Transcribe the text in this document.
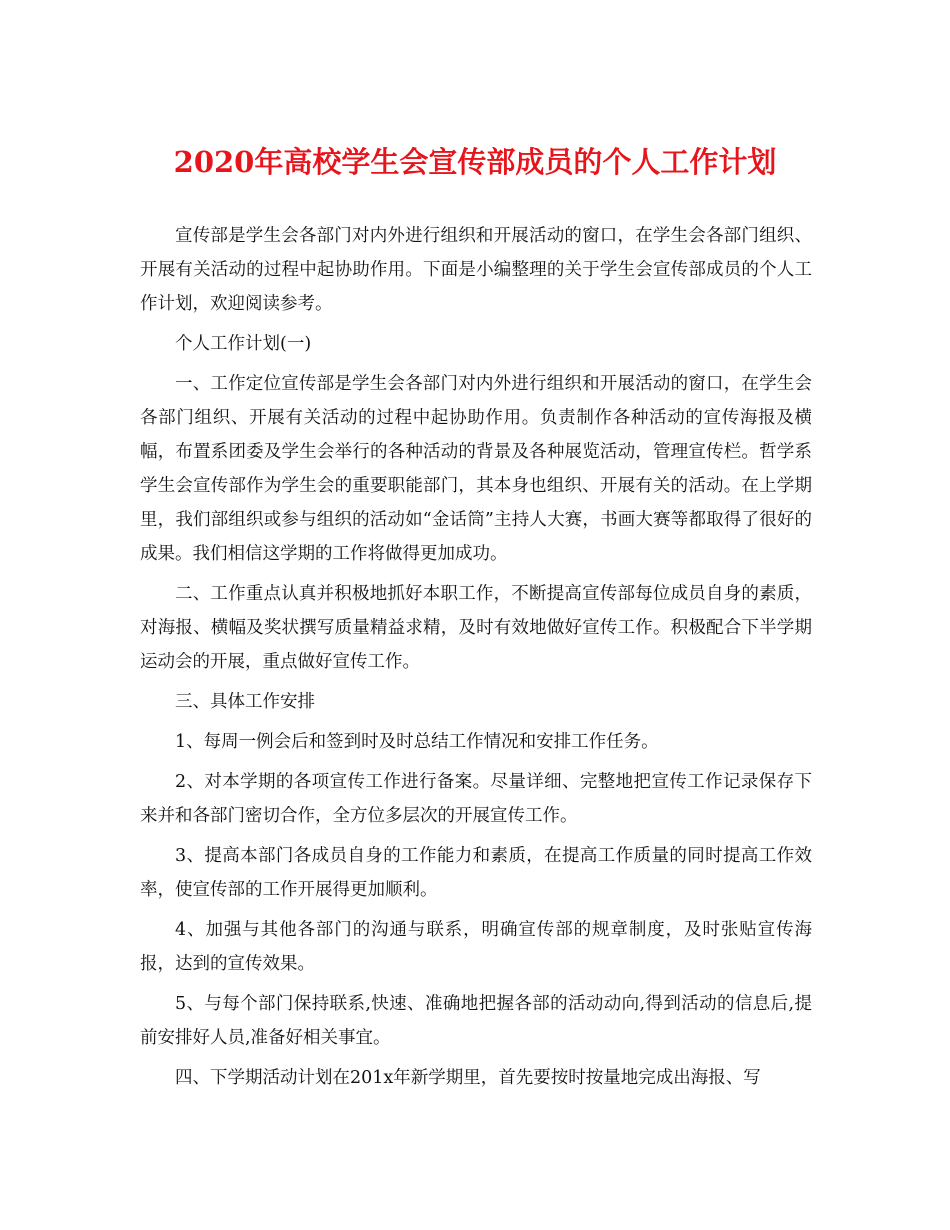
2020年高校学生会宣传部成员的个人工作计划

宣传部是学生会各部门对内外进行组织和开展活动的窗口，在学生会各部门组织、开展有关活动的过程中起协助作用。下面是小编整理的关于学生会宣传部成员的个人工作计划，欢迎阅读参考。

个人工作计划(一)

一、工作定位宣传部是学生会各部门对内外进行组织和开展活动的窗口，在学生会各部门组织、开展有关活动的过程中起协助作用。负责制作各种活动的宣传海报及横幅，布置系团委及学生会举行的各种活动的背景及各种展览活动，管理宣传栏。哲学系学生会宣传部作为学生会的重要职能部门，其本身也组织、开展有关的活动。在上学期里，我们部组织或参与组织的活动如“金话筒”主持人大赛，书画大赛等都取得了很好的成果。我们相信这学期的工作将做得更加成功。

二、工作重点认真并积极地抓好本职工作，不断提高宣传部每位成员自身的素质，对海报、横幅及奖状撰写质量精益求精，及时有效地做好宣传工作。积极配合下半学期运动会的开展，重点做好宣传工作。

三、具体工作安排

1、每周一例会后和签到时及时总结工作情况和安排工作任务。

2、对本学期的各项宣传工作进行备案。尽量详细、完整地把宣传工作记录保存下来并和各部门密切合作，全方位多层次的开展宣传工作。

3、提高本部门各成员自身的工作能力和素质，在提高工作质量的同时提高工作效率，使宣传部的工作开展得更加顺利。

4、加强与其他各部门的沟通与联系，明确宣传部的规章制度，及时张贴宣传海报，达到的宣传效果。

5、与每个部门保持联系,快速、准确地把握各部的活动动向,得到活动的信息后,提前安排好人员,准备好相关事宜。

四、下学期活动计划在201x年新学期里，首先要按时按量地完成出海报、写
